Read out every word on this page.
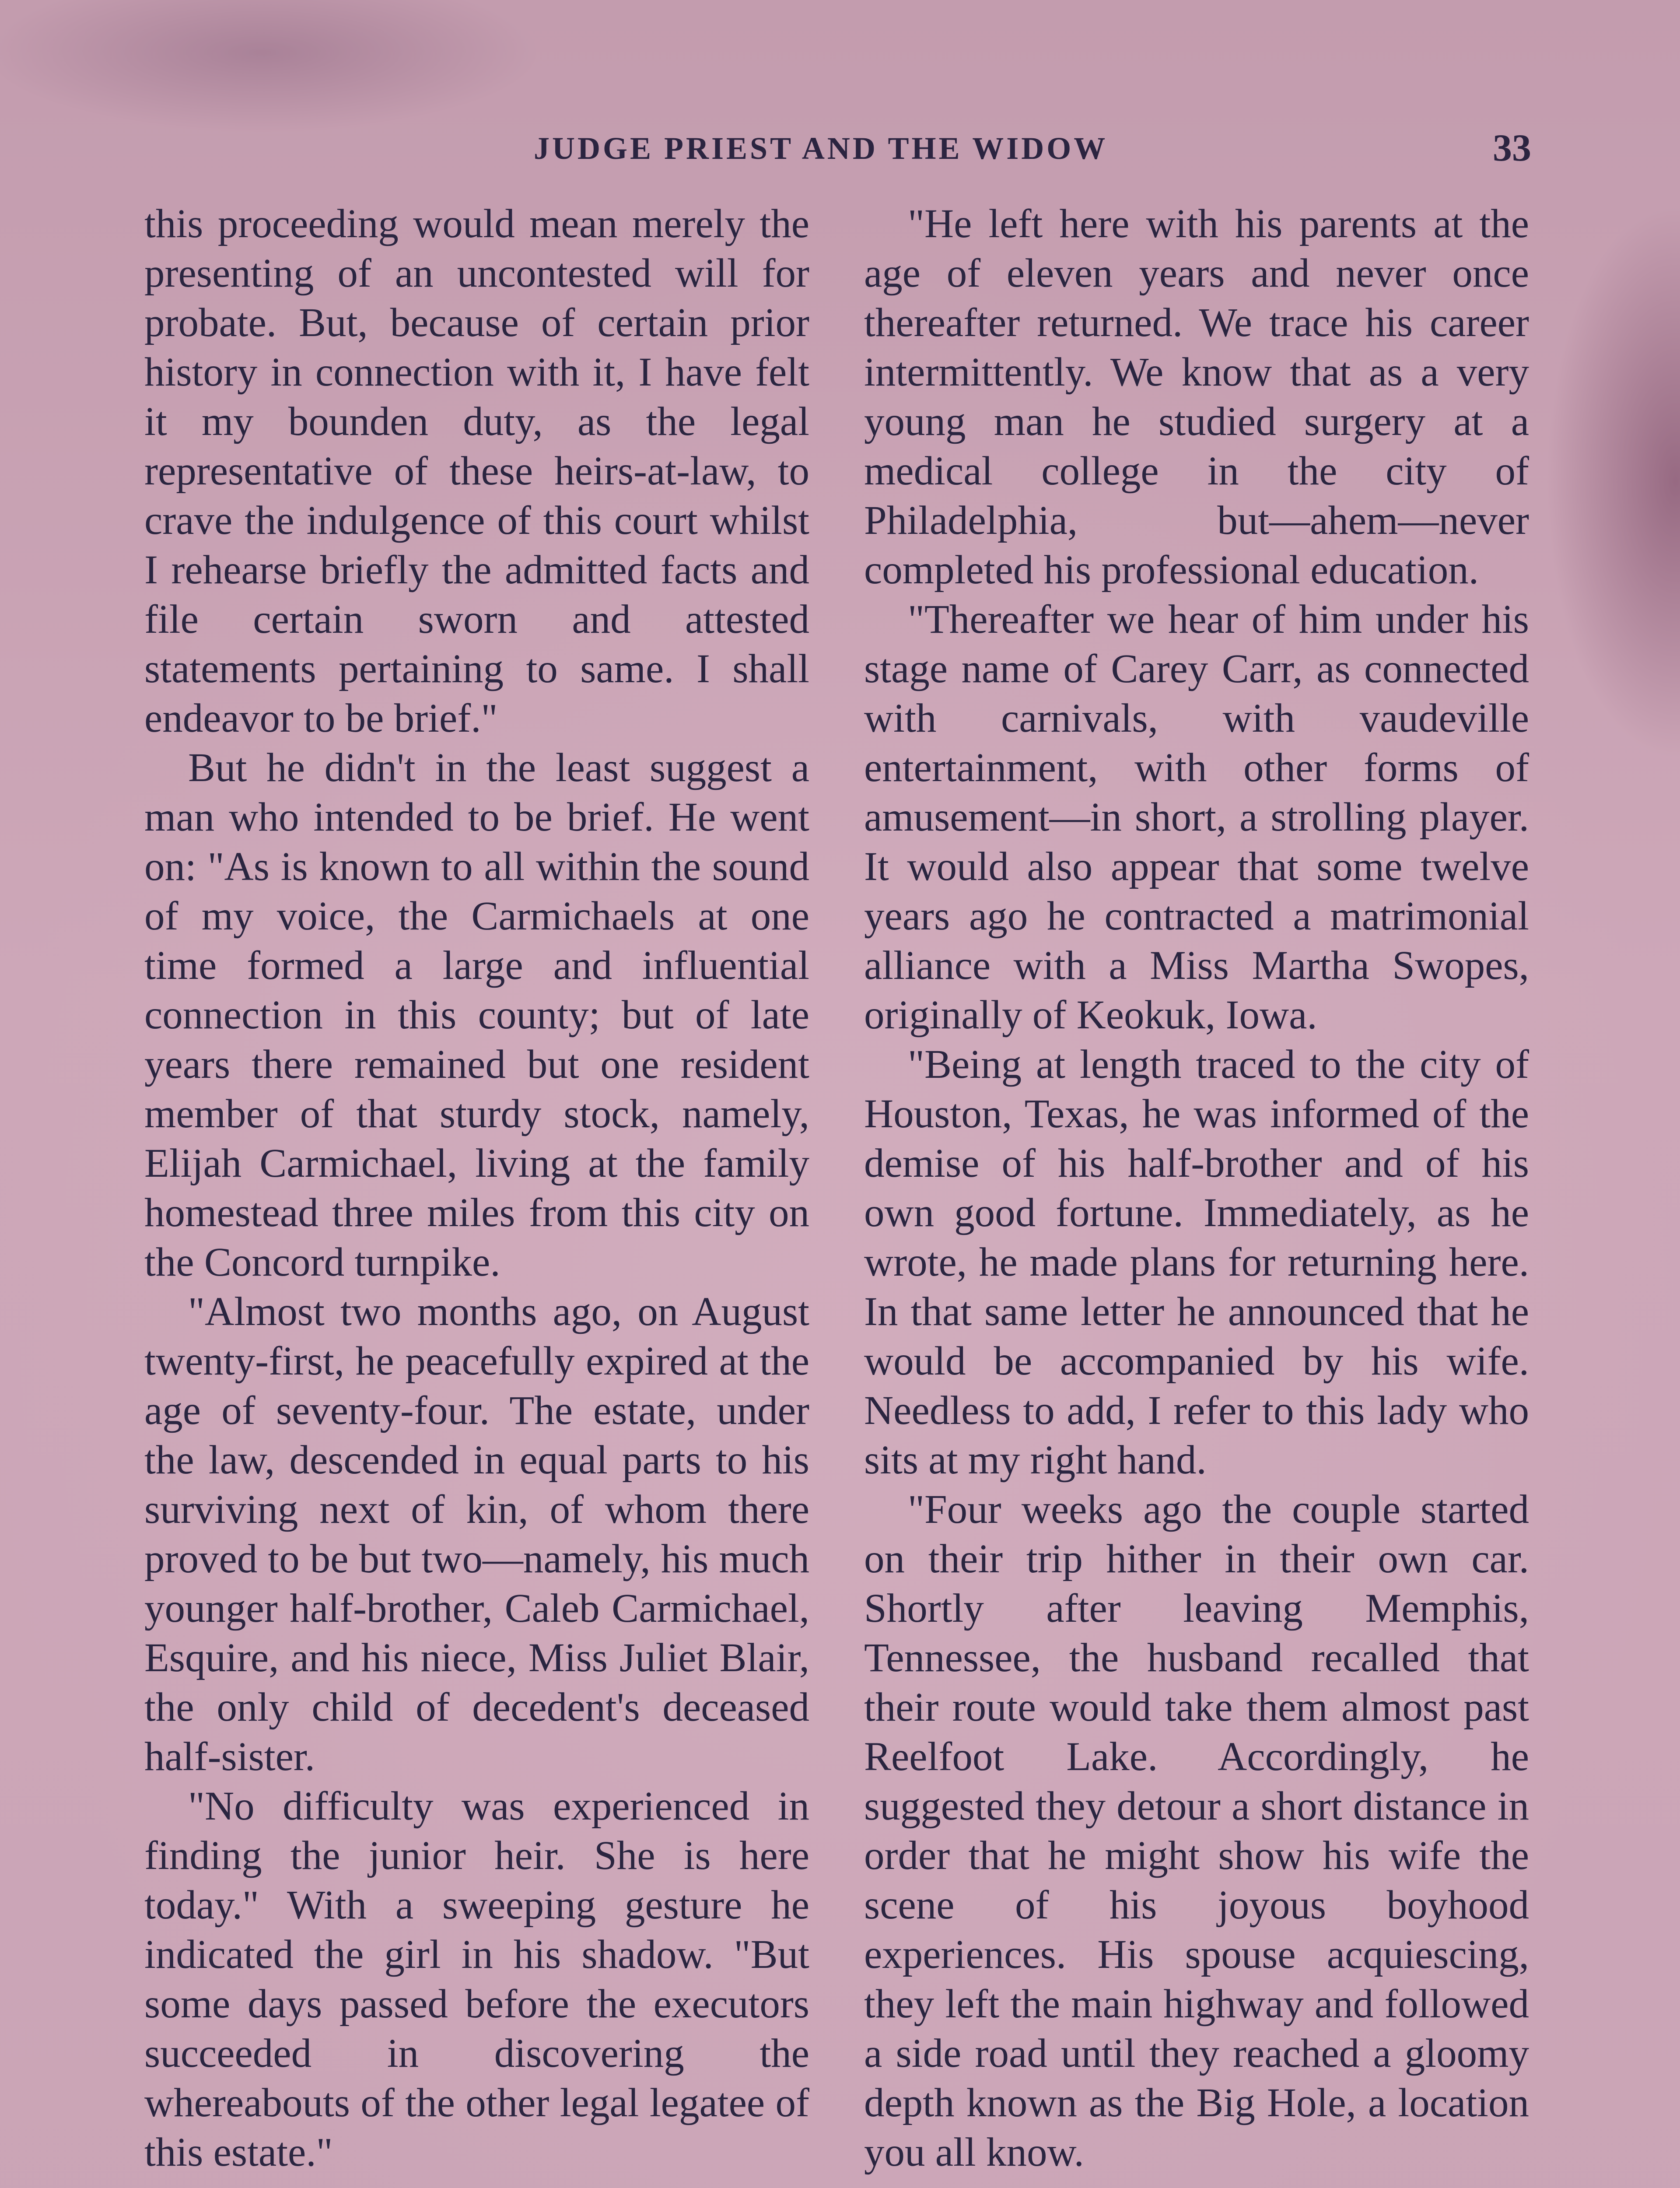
JUDGE PRIEST AND THE WIDOW	33

this proceeding would mean merely the presenting of an uncontested will for probate. But, because of certain prior history in connection with it, I have felt it my bounden duty, as the legal representative of these heirs-at-law, to crave the indulgence of this court whilst I rehearse briefly the admitted facts and file certain sworn and attested statements pertaining to same. I shall endeavor to be brief."

But he didn't in the least suggest a man who intended to be brief. He went on: "As is known to all within the sound of my voice, the Carmichaels at one time formed a large and influential connection in this county; but of late years there remained but one resident member of that sturdy stock, namely, Elijah Carmichael, living at the family homestead three miles from this city on the Concord turnpike.

"Almost two months ago, on August twenty-first, he peacefully expired at the age of seventy-four. The estate, under the law, descended in equal parts to his surviving next of kin, of whom there proved to be but two—namely, his much younger half-brother, Caleb Carmichael, Esquire, and his niece, Miss Juliet Blair, the only child of decedent's deceased half-sister.

"No difficulty was experienced in finding the junior heir. She is here today." With a sweeping gesture he indicated the girl in his shadow. "But some days passed before the executors succeeded in discovering the whereabouts of the other legal legatee of this estate."

"He left here with his parents at the age of eleven years and never once thereafter returned. We trace his career intermittently. We know that as a very young man he studied surgery at a medical college in the city of Philadelphia, but—ahem—never completed his professional education.

"Thereafter we hear of him under his stage name of Carey Carr, as connected with carnivals, with vaudeville entertainment, with other forms of amusement—in short, a strolling player. It would also appear that some twelve years ago he contracted a matrimonial alliance with a Miss Martha Swopes, originally of Keokuk, Iowa.

"Being at length traced to the city of Houston, Texas, he was informed of the demise of his half-brother and of his own good fortune. Immediately, as he wrote, he made plans for returning here. In that same letter he announced that he would be accompanied by his wife. Needless to add, I refer to this lady who sits at my right hand.

"Four weeks ago the couple started on their trip hither in their own car. Shortly after leaving Memphis, Tennessee, the husband recalled that their route would take them almost past Reelfoot Lake. Accordingly, he suggested they detour a short distance in order that he might show his wife the scene of his joyous boyhood experiences. His spouse acquiescing, they left the main highway and followed a side road until they reached a gloomy depth known as the Big Hole, a location you all know.
